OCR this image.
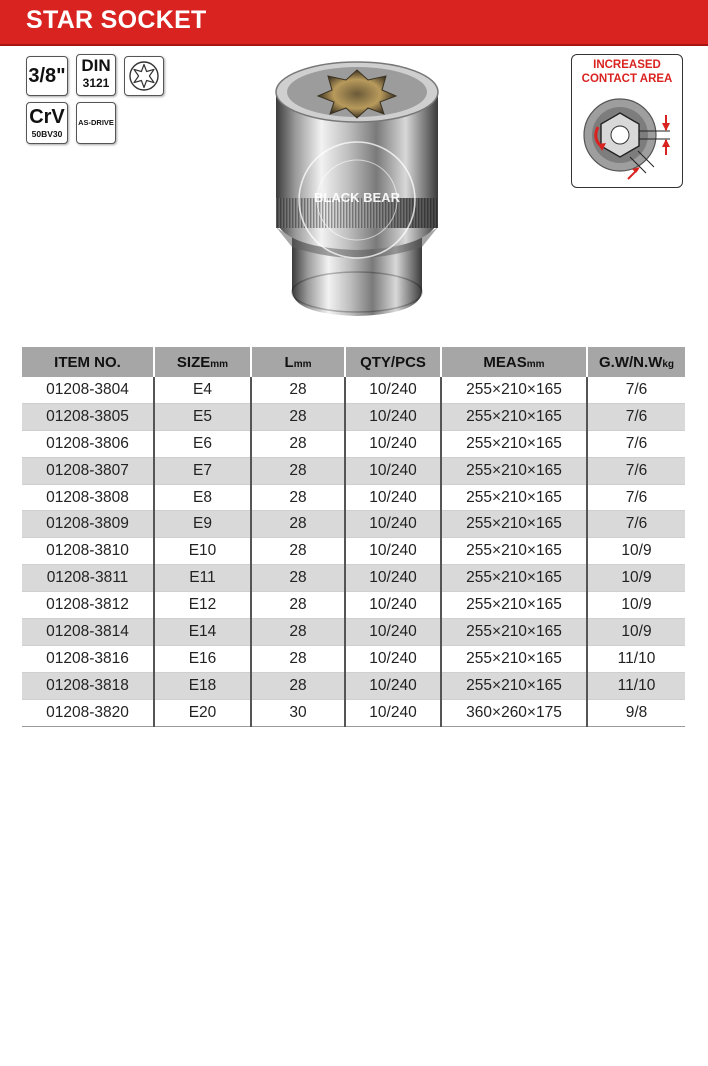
STAR SOCKET
3/8" DIN
3121
CrV
50BV30
AS-DRIVE
BLACK BEAR
INCREASED
CONTACT AREA
ITEM NO.	SIZEmm	Lmm	QTY/PCS	MEASmm	G.W/N.Wkg
01208-3804	E4	28	10/240	255×210×165	7/6
01208-3805	E5	28	10/240	255×210×165	7/6
01208-3806	E6	28	10/240	255×210×165	7/6
01208-3807	E7	28	10/240	255×210×165	7/6
01208-3808	E8	28	10/240	255×210×165	7/6
01208-3809	E9	28	10/240	255×210×165	7/6
01208-3810	E10	28	10/240	255×210×165	10/9
01208-3811	E11	28	10/240	255×210×165	10/9
01208-3812	E12	28	10/240	255×210×165	10/9
01208-3814	E14	28	10/240	255×210×165	10/9
01208-3816	E16	28	10/240	255×210×165	11/10
01208-3818	E18	28	10/240	255×210×165	11/10
01208-3820	E20	30	10/240	360×260×175	9/8
